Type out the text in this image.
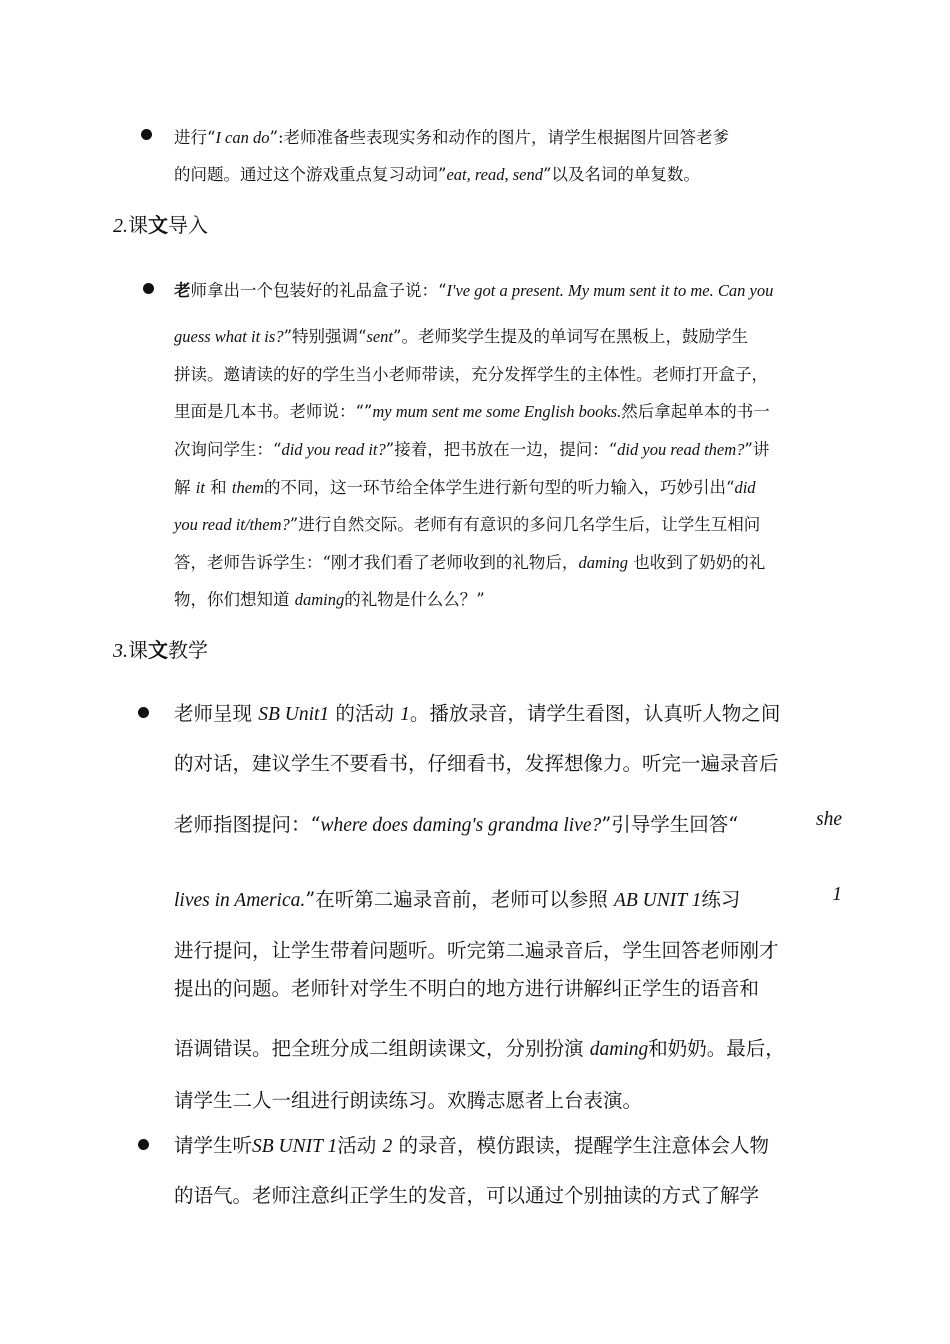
进行“I can do”:老师准备些表现实务和动作的图片，请学生根据图片回答老爹
的问题。通过这个游戏重点复习动词”eat, read, send”以及名词的单复数。
2.课文导入
老师拿出一个包装好的礼品盒子说：“I've got a present. My mum sent it to me. Can you
guess what it is?”特别强调“sent”。老师奖学生提及的单词写在黑板上，鼓励学生
拼读。邀请读的好的学生当小老师带读，充分发挥学生的主体性。老师打开盒子，
里面是几本书。老师说：“”my mum sent me some English books.然后拿起单本的书一
次询问学生：“did you read it?”接着，把书放在一边，提问：“did you read them?”讲
解 it 和 them的不同，这一环节给全体学生进行新句型的听力输入，巧妙引出“did
you read it/them?”进行自然交际。老师有有意识的多问几名学生后，让学生互相问
答，老师告诉学生：“刚才我们看了老师收到的礼物后，daming 也收到了奶奶的礼
物，你们想知道 daming的礼物是什么么？”
3.课文教学
老师呈现 SB Unit1 的活动 1。播放录音，请学生看图，认真听人物之间
的对话，建议学生不要看书，仔细看书，发挥想像力。听完一遍录音后
老师指图提问：“where does daming's grandma live?”引导学生回答“	she
lives in America.”在听第二遍录音前，老师可以参照 AB UNIT 1练习	1
进行提问，让学生带着问题听。听完第二遍录音后，学生回答老师刚才
提出的问题。老师针对学生不明白的地方进行讲解纠正学生的语音和
语调错误。把全班分成二组朗读课文，分别扮演 daming和奶奶。最后，
请学生二人一组进行朗读练习。欢腾志愿者上台表演。
请学生听SB UNIT 1活动 2 的录音，模仿跟读，提醒学生注意体会人物
的语气。老师注意纠正学生的发音，可以通过个别抽读的方式了解学
